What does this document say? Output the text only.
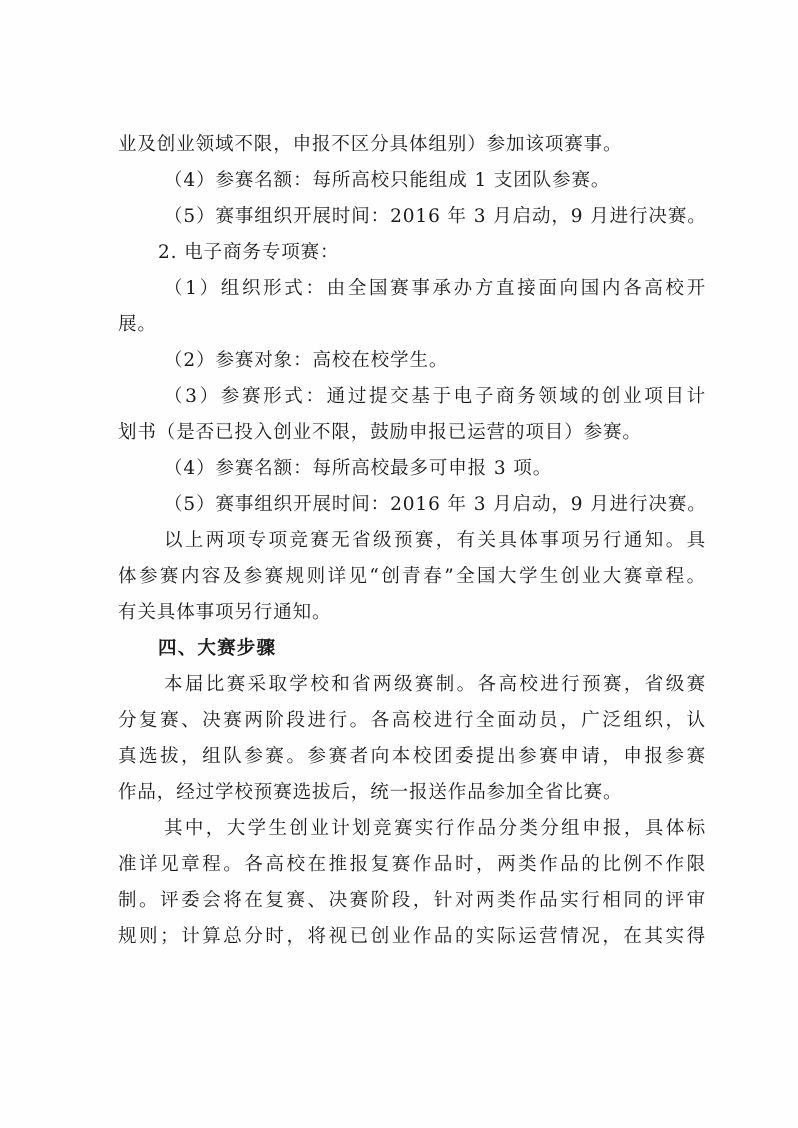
业及创业领域不限，申报不区分具体组别）参加该项赛事。
（4）参赛名额：每所高校只能组成 1 支团队参赛。
（5）赛事组织开展时间：2016 年 3 月启动，9 月进行决赛。
2. 电子商务专项赛：
（1）组织形式：由全国赛事承办方直接面向国内各高校开
展。
（2）参赛对象：高校在校学生。
（3）参赛形式：通过提交基于电子商务领域的创业项目计
划书（是否已投入创业不限，鼓励申报已运营的项目）参赛。
（4）参赛名额：每所高校最多可申报 3 项。
（5）赛事组织开展时间：2016 年 3 月启动，9 月进行决赛。
以上两项专项竞赛无省级预赛，有关具体事项另行通知。具
体参赛内容及参赛规则详见“创青春”全国大学生创业大赛章程。
有关具体事项另行通知。
四、大赛步骤
本届比赛采取学校和省两级赛制。各高校进行预赛，省级赛
分复赛、决赛两阶段进行。各高校进行全面动员，广泛组织，认
真选拔，组队参赛。参赛者向本校团委提出参赛申请，申报参赛
作品，经过学校预赛选拔后，统一报送作品参加全省比赛。
其中，大学生创业计划竞赛实行作品分类分组申报，具体标
准详见章程。各高校在推报复赛作品时，两类作品的比例不作限
制。评委会将在复赛、决赛阶段，针对两类作品实行相同的评审
规则；计算总分时，将视已创业作品的实际运营情况，在其实得
